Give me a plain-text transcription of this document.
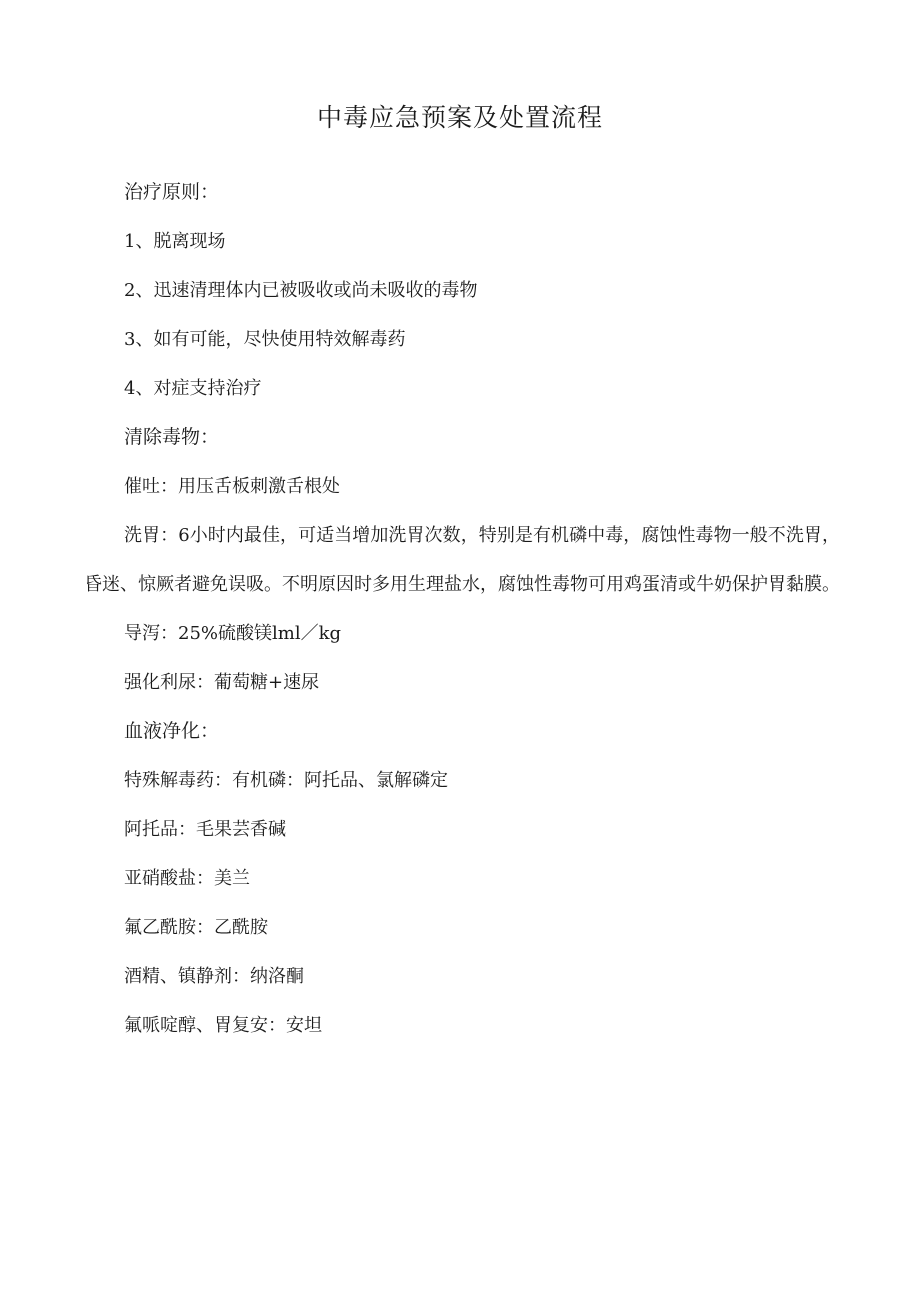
中毒应急预案及处置流程

治疗原则：

1、脱离现场

2、迅速清理体内已被吸收或尚未吸收的毒物

3、如有可能，尽快使用特效解毒药

4、对症支持治疗

清除毒物：

催吐：用压舌板刺激舌根处

洗胃：6小时内最佳，可适当增加洗胃次数，特别是有机磷中毒，腐蚀性毒物一般不洗胃，昏迷、惊厥者避免误吸。不明原因时多用生理盐水，腐蚀性毒物可用鸡蛋清或牛奶保护胃黏膜。

导泻：25%硫酸镁lml／kg

强化利尿：葡萄糖+速尿

血液净化：

特殊解毒药：有机磷：阿托品、氯解磷定

阿托品：毛果芸香碱

亚硝酸盐：美兰

氟乙酰胺：乙酰胺

酒精、镇静剂：纳洛酮

氟哌啶醇、胃复安：安坦
